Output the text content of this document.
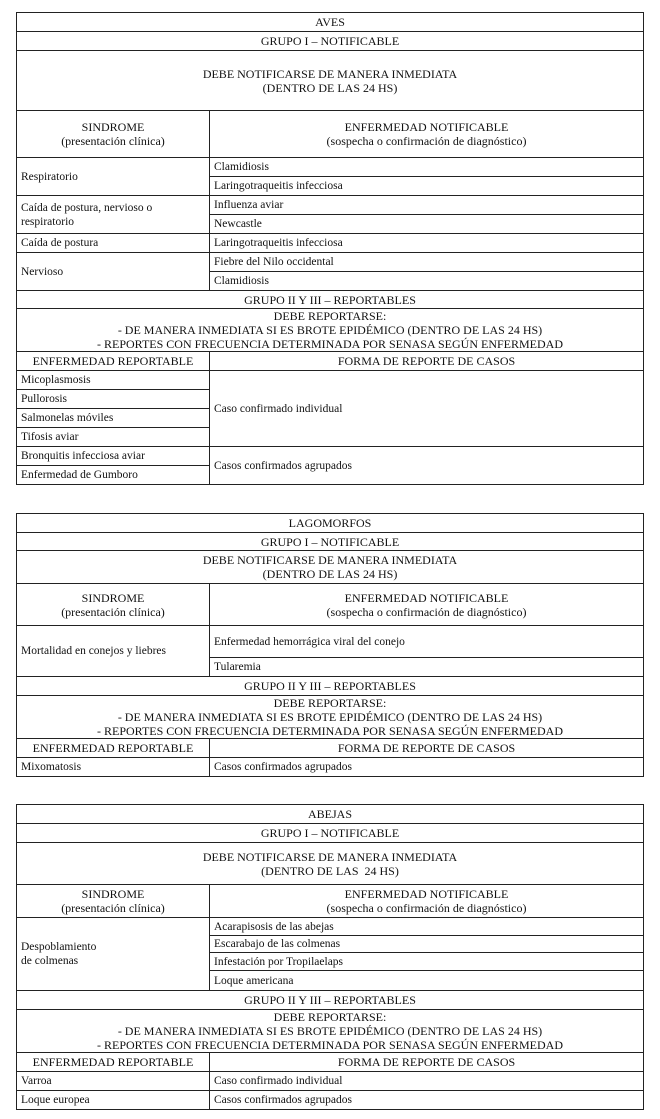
AVES	
GRUPO I – NOTIFICABLE	

DEBE NOTIFICARSE DE MANERA INMEDIATA
(DENTRO DE LAS 24 HS)	

SINDROME
(presentación clínica)	ENFERMEDAD NOTIFICABLE
(sospecha o confirmación de diagnóstico)

Respiratorio	Clamidiosis
	Laringotraqueitis infecciosa
Caída de postura, nervioso o respiratorio	Influenza aviar
	Newcastle
Caída de postura	Laringotraqueitis infecciosa
Nervioso	Fiebre del Nilo occidental
	Clamidiosis
GRUPO II Y III – REPORTABLES	

DEBE REPORTARSE:
- DE MANERA INMEDIATA SI ES BROTE EPIDÉMICO (DENTRO DE LAS 24 HS)
- REPORTES CON FRECUENCIA DETERMINADA POR SENASA SEGÚN ENFERMEDAD	

ENFERMEDAD REPORTABLE	FORMA DE REPORTE DE CASOS
Micoplasmosis	Caso confirmado individual
Pullorosis	
Salmonelas móviles	
Tifosis aviar	
Bronquitis infecciosa aviar	Casos confirmados agrupados
Enfermedad de Gumboro	
LAGOMORFOS	
GRUPO I – NOTIFICABLE	

DEBE NOTIFICARSE DE MANERA INMEDIATA
(DENTRO DE LAS 24 HS)	

SINDROME
(presentación clínica)	ENFERMEDAD NOTIFICABLE
(sospecha o confirmación de diagnóstico)

Mortalidad en conejos y liebres	Enfermedad hemorrágica viral del conejo
	Tularemia
GRUPO II Y III – REPORTABLES	

DEBE REPORTARSE:
- DE MANERA INMEDIATA SI ES BROTE EPIDÉMICO (DENTRO DE LAS 24 HS)
- REPORTES CON FRECUENCIA DETERMINADA POR SENASA SEGÚN ENFERMEDAD	

ENFERMEDAD REPORTABLE	FORMA DE REPORTE DE CASOS
Mixomatosis	Casos confirmados agrupados
ABEJAS	
GRUPO I – NOTIFICABLE	

DEBE NOTIFICARSE DE MANERA INMEDIATA
(DENTRO DE LAS  24 HS)	

SINDROME
(presentación clínica)	ENFERMEDAD NOTIFICABLE
(sospecha o confirmación de diagnóstico)

Despoblamiento
de colmenas	Acarapisosis de las abejas
	Escarabajo de las colmenas
	Infestación por Tropilaelaps
	Loque americana
GRUPO II Y III – REPORTABLES	

DEBE REPORTARSE:
- DE MANERA INMEDIATA SI ES BROTE EPIDÉMICO (DENTRO DE LAS 24 HS)
- REPORTES CON FRECUENCIA DETERMINADA POR SENASA SEGÚN ENFERMEDAD	

ENFERMEDAD REPORTABLE	FORMA DE REPORTE DE CASOS
Varroa	Caso confirmado individual
Loque europea	Casos confirmados agrupados
